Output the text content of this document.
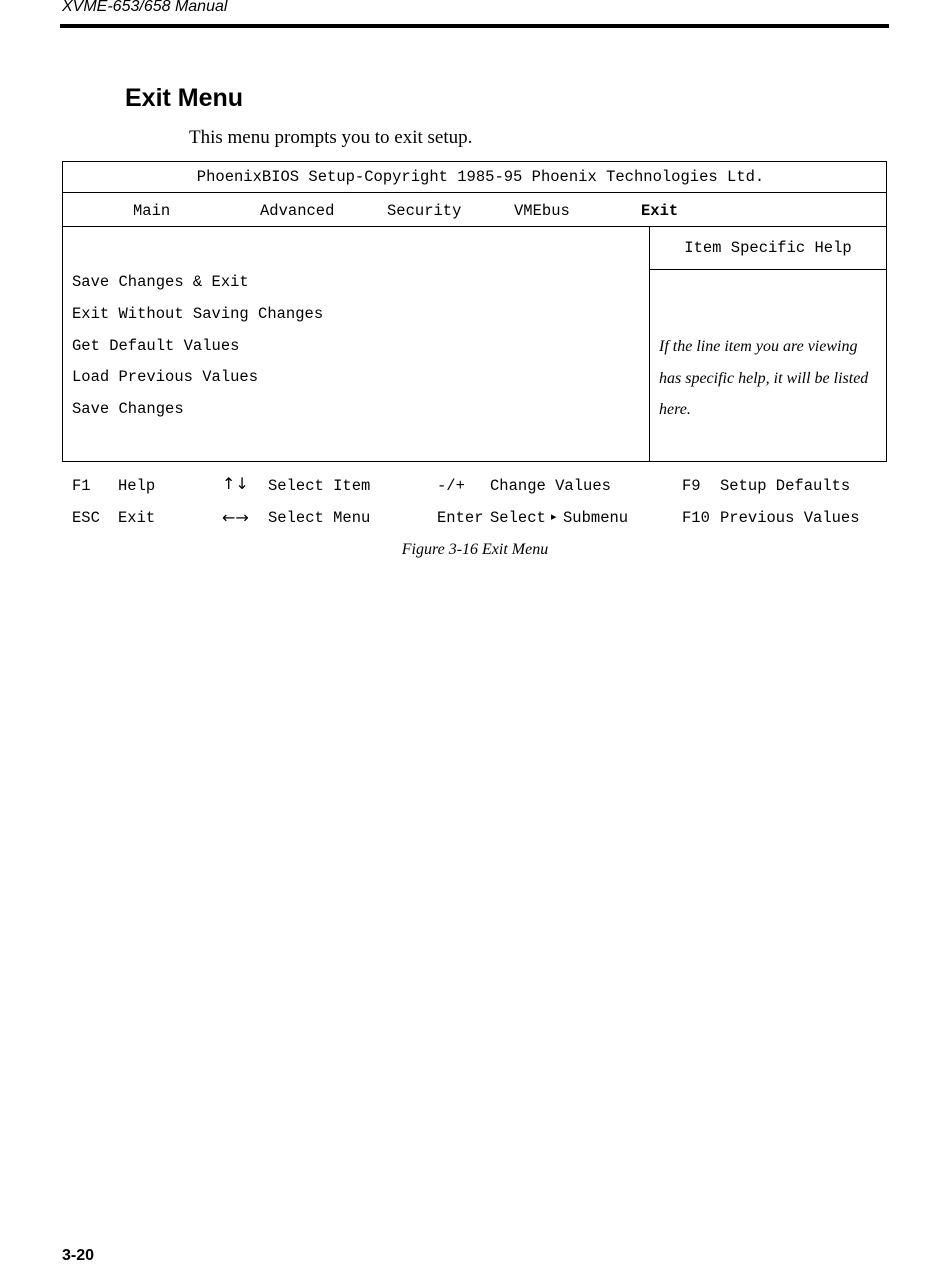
XVME-653/658 Manual
Exit Menu
This menu prompts you to exit setup.
PhoenixBIOS Setup-Copyright 1985-95 Phoenix Technologies Ltd.
Main	Advanced	Security	VMEbus	Exit
Save Changes & Exit
Exit Without Saving Changes
Get Default Values
Load Previous Values
Save Changes
Item Specific Help
If the line item you are viewing
has specific help, it will be listed
here.
F1 Help	↑↓ Select Item	-/+ Change Values	F9 Setup Defaults
ESC Exit	←→ Select Menu	Enter Select ▸ Submenu	F10 Previous Values
Figure 3-16 Exit Menu
3-20
